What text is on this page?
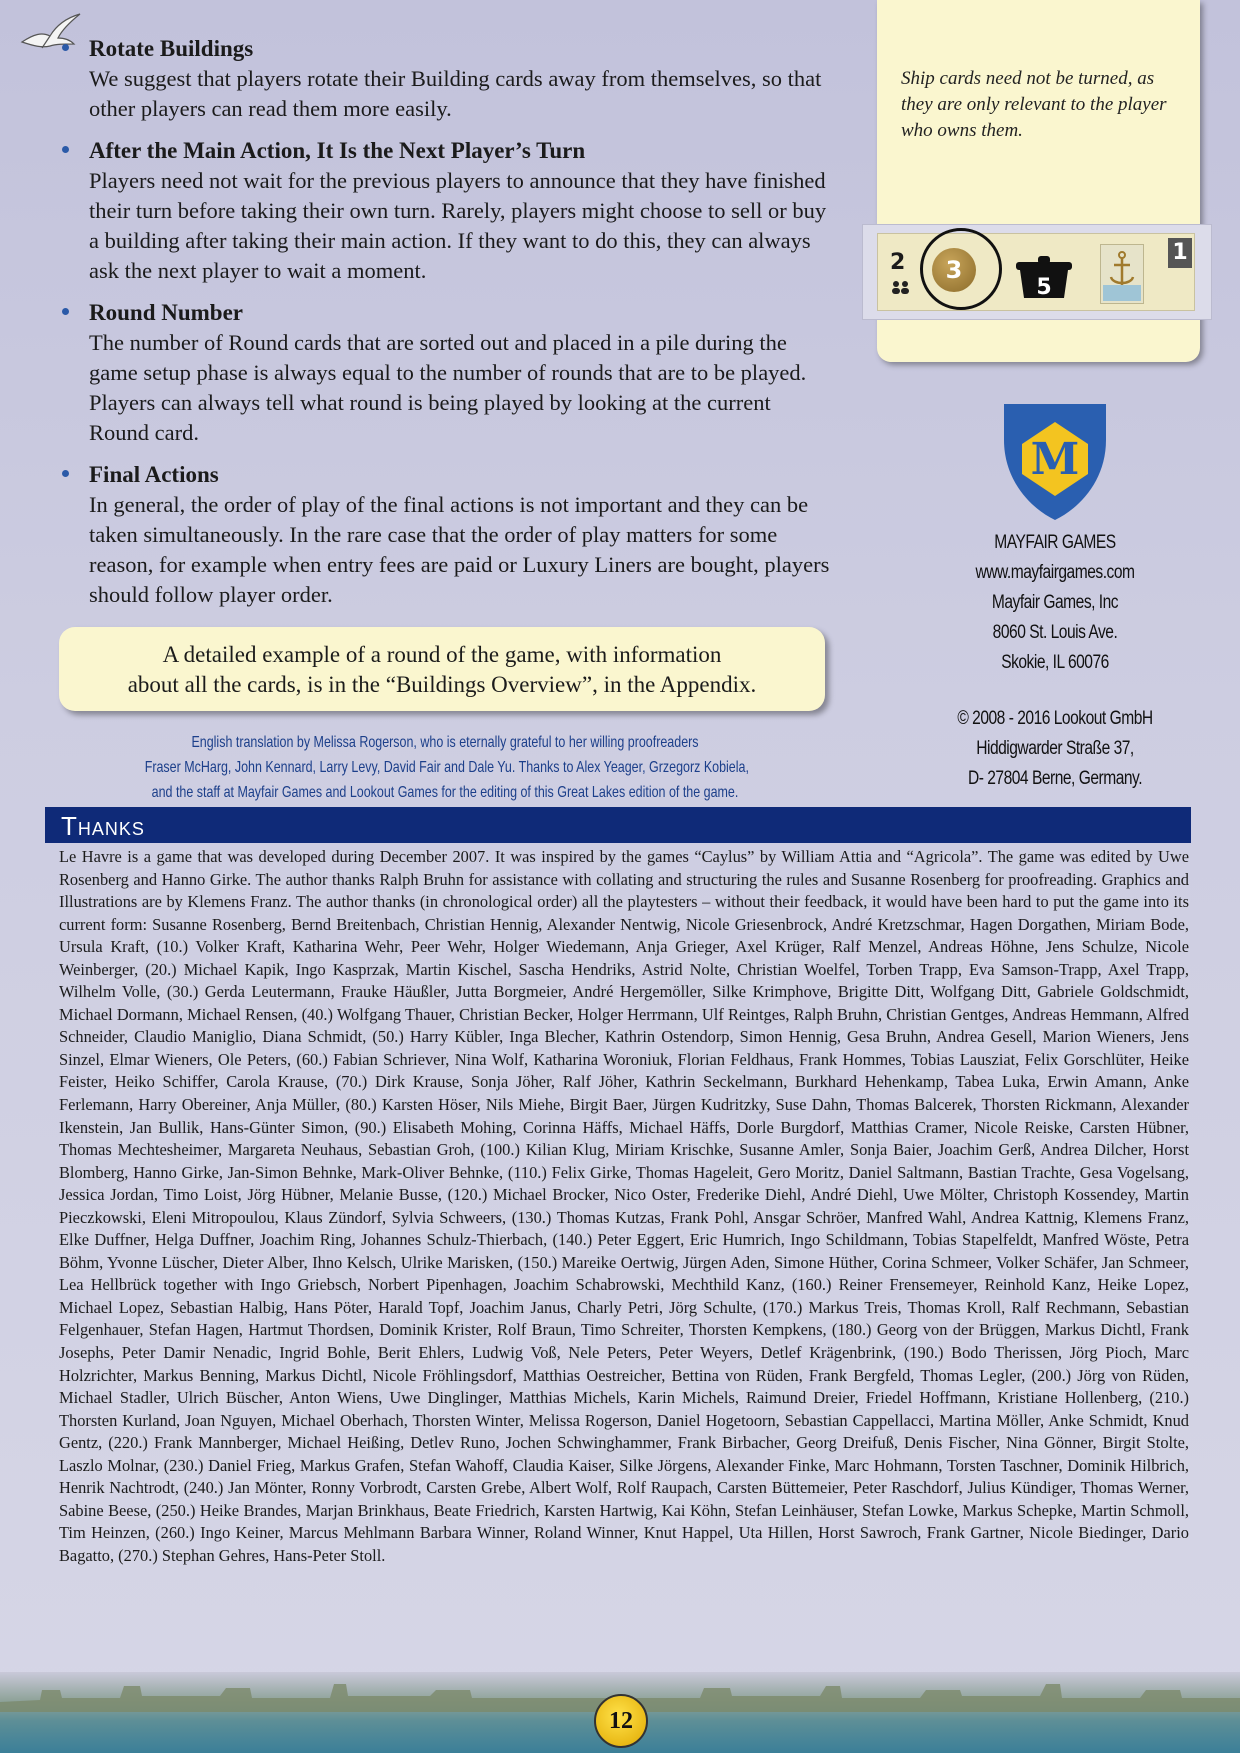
Rotate Buildings

We suggest that players rotate their Building cards away from themselves, so that other players can read them more easily.

After the Main Action, It Is the Next Player’s Turn

Players need not wait for the previous players to announce that they have finished their turn before taking their own turn. Rarely, players might choose to sell or buy a building after taking their main action. If they want to do this, they can always ask the next player to wait a moment.

Round Number

The number of Round cards that are sorted out and placed in a pile during the game setup phase is always equal to the number of rounds that are to be played. Players can always tell what round is being played by looking at the current Round card.

Final Actions

In general, the order of play of the final actions is not important and they can be taken simultaneously. In the rare case that the order of play matters for some reason, for example when entry fees are paid or Luxury Liners are bought, players should follow player order.

Ship cards need not be turned, as they are only relevant to the player who owns them.
2	3
5
1
M
MAYFAIR GAMES
www.mayfairgames.com
Mayfair Games, Inc
8060 St. Louis Ave.
Skokie, IL 60076
© 2008 - 2016 Lookout GmbH
Hiddigwarder Straße 37,
D- 27804 Berne, Germany.
A detailed example of a round of the game, with information
about all the cards, is in the “Buildings Overview”, in the Appendix.
English translation by Melissa Rogerson, who is eternally grateful to her willing proofreaders
Fraser McHarg, John Kennard, Larry Levy, David Fair and Dale Yu. Thanks to Alex Yeager, Grzegorz Kobiela,
and the staff at Mayfair Games and Lookout Games for the editing of this Great Lakes edition of the game.
Thanks
Le Havre is a game that was developed during December 2007. It was inspired by the games “Caylus” by William Attia and “Agricola”. The game was edited by Uwe Rosenberg and Hanno Girke. The author thanks Ralph Bruhn for assistance with collating and structuring the rules and Susanne Rosenberg for proofreading. Graphics and Illustrations are by Klemens Franz. The author thanks (in chronological order) all the playtesters – without their feedback, it would have been hard to put the game into its current form: Susanne Rosenberg, Bernd Breitenbach, Christian Hennig, Alexander Nentwig, Nicole Griesenbrock, André Kretzschmar, Hagen Dorgathen, Miriam Bode, Ursula Kraft, (10.) Volker Kraft, Katharina Wehr, Peer Wehr, Holger Wiedemann, Anja Grieger, Axel Krüger, Ralf Menzel, Andreas Höhne, Jens Schulze, Nicole Weinberger, (20.) Michael Kapik, Ingo Kasprzak, Martin Kischel, Sascha Hendriks, Astrid Nolte, Christian Woelfel, Torben Trapp, Eva Samson-Trapp, Axel Trapp, Wilhelm Volle, (30.) Gerda Leutermann, Frauke Häußler, Jutta Borgmeier, André Hergemöller, Silke Krimphove, Brigitte Ditt, Wolfgang Ditt, Gabriele Goldschmidt, Michael Dormann, Michael Rensen, (40.) Wolfgang Thauer, Christian Becker, Holger Herrmann, Ulf Reintges, Ralph Bruhn, Christian Gentges, Andreas Hemmann, Alfred Schneider, Claudio Maniglio, Diana Schmidt, (50.) Harry Kübler, Inga Blecher, Kathrin Ostendorp, Simon Hennig, Gesa Bruhn, Andrea Gesell, Marion Wieners, Jens Sinzel, Elmar Wieners, Ole Peters, (60.) Fabian Schriever, Nina Wolf, Katharina Woroniuk, Florian Feldhaus, Frank Hommes, Tobias Lausziat, Felix Gorschlüter, Heike Feister, Heiko Schiffer, Carola Krause, (70.) Dirk Krause, Sonja Jöher, Ralf Jöher, Kathrin Seckelmann, Burkhard Hehenkamp, Tabea Luka, Erwin Amann, Anke Ferlemann, Harry Obereiner, Anja Müller, (80.) Karsten Höser, Nils Miehe, Birgit Baer, Jürgen Kudritzky, Suse Dahn, Thomas Balcerek, Thorsten Rickmann, Alexander Ikenstein, Jan Bullik, Hans-Günter Simon, (90.) Elisabeth Mohing, Corinna Häffs, Michael Häffs, Dorle Burgdorf, Matthias Cramer, Nicole Reiske, Carsten Hübner, Thomas Mechtesheimer, Margareta Neuhaus, Sebastian Groh, (100.) Kilian Klug, Miriam Krischke, Susanne Amler, Sonja Baier, Joachim Gerß, Andrea Dilcher, Horst Blomberg, Hanno Girke, Jan-Simon Behnke, Mark-Oliver Behnke, (110.) Felix Girke, Thomas Hageleit, Gero Moritz, Daniel Saltmann, Bastian Trachte, Gesa Vogelsang, Jessica Jordan, Timo Loist, Jörg Hübner, Melanie Busse, (120.) Michael Brocker, Nico Oster, Frederike Diehl, André Diehl, Uwe Mölter, Christoph Kossendey, Martin Pieczkowski, Eleni Mitropoulou, Klaus Zündorf, Sylvia Schweers, (130.) Thomas Kutzas, Frank Pohl, Ansgar Schröer, Manfred Wahl, Andrea Kattnig, Klemens Franz, Elke Duffner, Helga Duffner, Joachim Ring, Johannes Schulz-Thierbach, (140.) Peter Eggert, Eric Humrich, Ingo Schildmann, Tobias Stapelfeldt, Manfred Wöste, Petra Böhm, Yvonne Lüscher, Dieter Alber, Ihno Kelsch, Ulrike Marisken, (150.) Mareike Oertwig, Jürgen Aden, Simone Hüther, Corina Schmeer, Volker Schäfer, Jan Schmeer, Lea Hellbrück together with Ingo Griebsch, Norbert Pipenhagen, Joachim Schabrowski, Mechthild Kanz, (160.) Reiner Frensemeyer, Reinhold Kanz, Heike Lopez, Michael Lopez, Sebastian Halbig, Hans Pöter, Harald Topf, Joachim Janus, Charly Petri, Jörg Schulte, (170.) Markus Treis, Thomas Kroll, Ralf Rechmann, Sebastian Felgenhauer, Stefan Hagen, Hartmut Thordsen, Dominik Krister, Rolf Braun, Timo Schreiter, Thorsten Kempkens, (180.) Georg von der Brüggen, Markus Dichtl, Frank Josephs, Peter Damir Nenadic, Ingrid Bohle, Berit Ehlers, Ludwig Voß, Nele Peters, Peter Weyers, Detlef Krägenbrink, (190.) Bodo Therissen, Jörg Pioch, Marc Holzrichter, Markus Benning, Markus Dichtl, Nicole Fröhlingsdorf, Matthias Oestreicher, Bettina von Rüden, Frank Bergfeld, Thomas Legler, (200.) Jörg von Rüden, Michael Stadler, Ulrich Büscher, Anton Wiens, Uwe Dinglinger, Matthias Michels, Karin Michels, Raimund Dreier, Friedel Hoffmann, Kristiane Hollenberg, (210.) Thorsten Kurland, Joan Nguyen, Michael Oberhach, Thorsten Winter, Melissa Rogerson, Daniel Hogetoorn, Sebastian Cappellacci, Martina Möller, Anke Schmidt, Knud Gentz, (220.) Frank Mannberger, Michael Heißing, Detlev Runo, Jochen Schwinghammer, Frank Birbacher, Georg Dreifuß, Denis Fischer, Nina Gönner, Birgit Stolte, Laszlo Molnar, (230.) Daniel Frieg, Markus Grafen, Stefan Wahoff, Claudia Kaiser, Silke Jörgens, Alexander Finke, Marc Hohmann, Torsten Taschner, Dominik Hilbrich, Henrik Nachtrodt, (240.) Jan Mönter, Ronny Vorbrodt, Carsten Grebe, Albert Wolf, Rolf Raupach, Carsten Büttemeier, Peter Raschdorf, Julius Kündiger, Thomas Werner, Sabine Beese, (250.) Heike Brandes, Marjan Brinkhaus, Beate Friedrich, Karsten Hartwig, Kai Köhn, Stefan Leinhäuser, Stefan Lowke, Markus Schepke, Martin Schmoll, Tim Heinzen, (260.) Ingo Keiner, Marcus Mehlmann Barbara Winner, Roland Winner, Knut Happel, Uta Hillen, Horst Sawroch, Frank Gartner, Nicole Biedinger, Dario Bagatto, (270.) Stephan Gehres, Hans-Peter Stoll.
12
